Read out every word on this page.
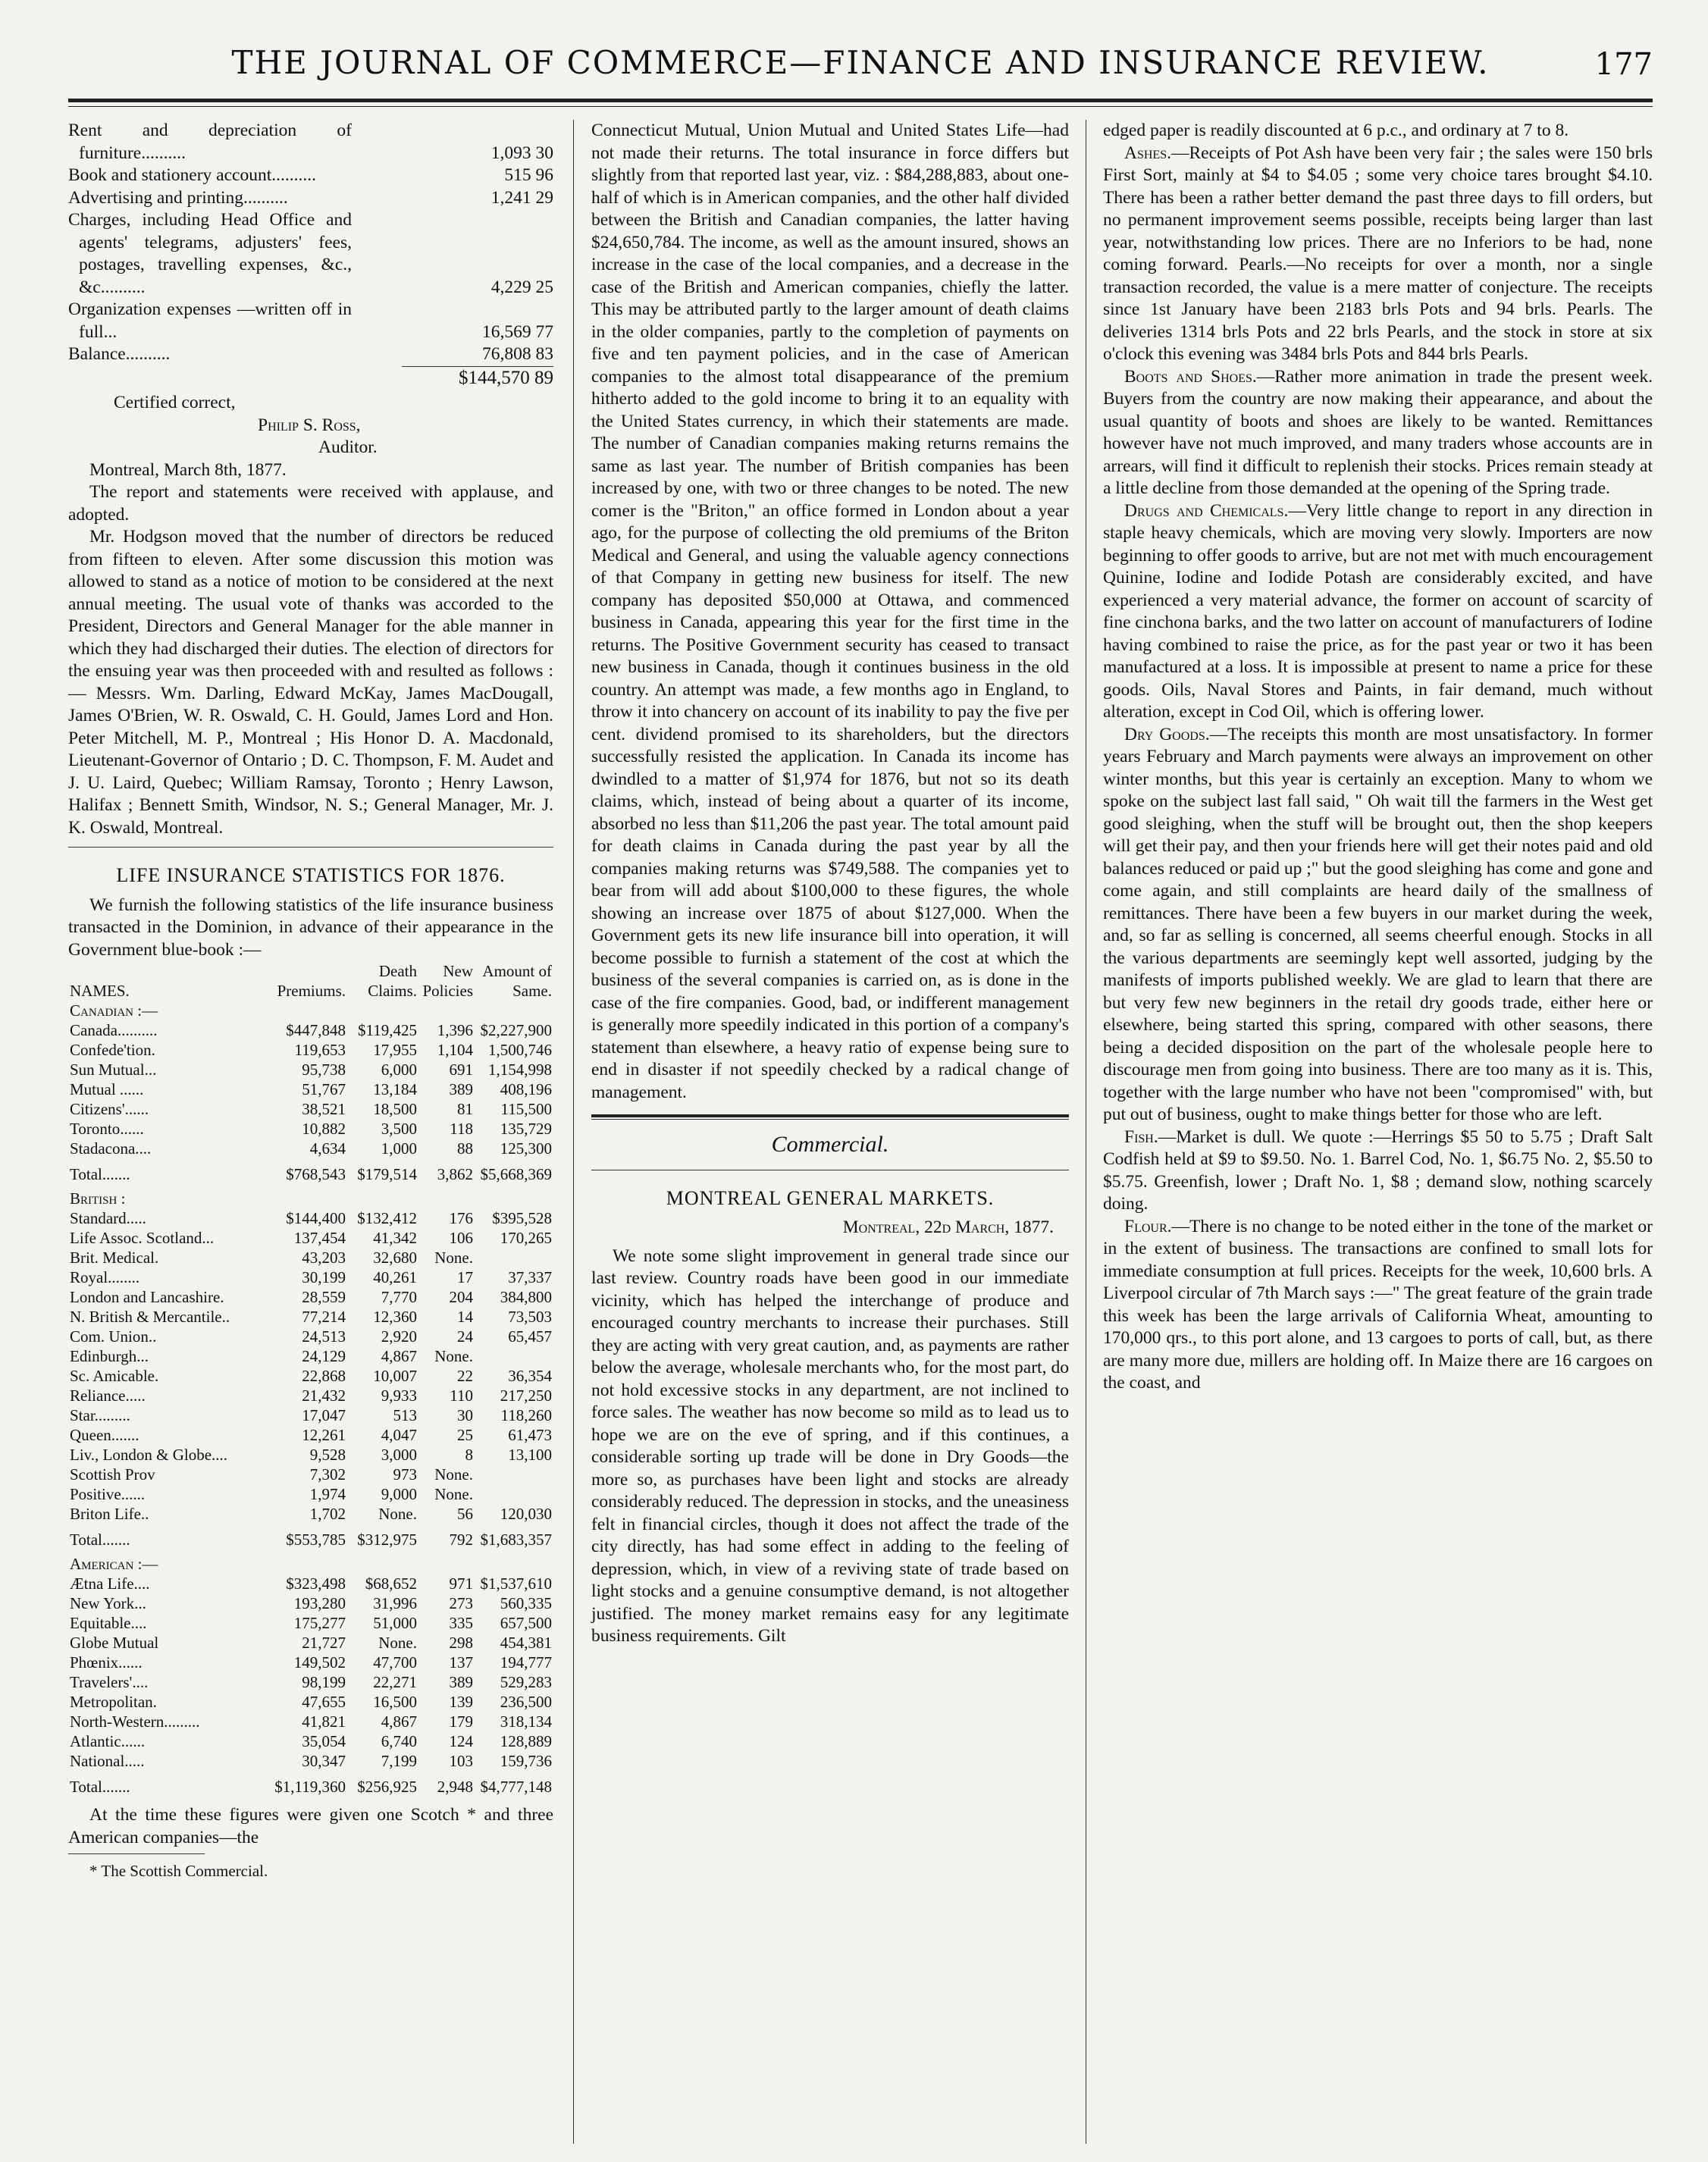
THE JOURNAL OF COMMERCE—FINANCE AND INSURANCE REVIEW.	177
Rent and depreciation of furniture..........	1,093 30
Book and stationery account..........	515 96
Advertising and printing..........	1,241 29
Charges, including Head Office and agents' telegrams, adjusters' fees, postages, travelling expenses, &c., &c..........	4,229 25
Organization expenses —written off in full...	16,569 77
Balance..........	76,808 83
$144,570 89

Certified correct,

Philip S. Ross,

Auditor.

Montreal, March 8th, 1877.

The report and statements were received with applause, and adopted.

Mr. Hodgson moved that the number of directors be reduced from fifteen to eleven. After some discussion this motion was allowed to stand as a notice of motion to be considered at the next annual meeting. The usual vote of thanks was accorded to the President, Directors and General Manager for the able manner in which they had discharged their duties. The election of directors for the ensuing year was then proceeded with and resulted as follows :— Messrs. Wm. Darling, Edward McKay, James MacDougall, James O'Brien, W. R. Oswald, C. H. Gould, James Lord and Hon. Peter Mitchell, M. P., Montreal ; His Honor D. A. Macdonald, Lieutenant-Governor of Ontario ; D. C. Thompson, F. M. Audet and J. U. Laird, Quebec; William Ramsay, Toronto ; Henry Lawson, Halifax ; Bennett Smith, Windsor, N. S.; General Manager, Mr. J. K. Oswald, Montreal.

LIFE INSURANCE STATISTICS FOR 1876.

We furnish the following statistics of the life insurance business transacted in the Dominion, in advance of their appearance in the Government blue-book :—

NAMES.	Premiums.	Death Claims.	New Policies	Amount of Same.
Canadian :—				
Canada..........	$447,848	$119,425	1,396	$2,227,900
Confede'tion.	119,653	17,955	1,104	1,500,746
Sun Mutual...	95,738	6,000	691	1,154,998
Mutual ......	51,767	13,184	389	408,196
Citizens'......	38,521	18,500	81	115,500
Toronto......	10,882	3,500	118	135,729
Stadacona....	4,634	1,000	88	125,300
Total.......	$768,543	$179,514	3,862	$5,668,369
British :				
Standard.....	$144,400	$132,412	176	$395,528
Life Assoc. Scotland...	137,454	41,342	106	170,265
Brit. Medical.	43,203	32,680	None.	
Royal........	30,199	40,261	17	37,337
London and Lancashire.	28,559	7,770	204	384,800
N. British & Mercantile..	77,214	12,360	14	73,503
Com. Union..	24,513	2,920	24	65,457
Edinburgh...	24,129	4,867	None.	
Sc. Amicable.	22,868	10,007	22	36,354
Reliance.....	21,432	9,933	110	217,250
Star.........	17,047	513	30	118,260
Queen.......	12,261	4,047	25	61,473
Liv., London & Globe....	9,528	3,000	8	13,100
Scottish Prov	7,302	973	None.	
Positive......	1,974	9,000	None.	
Briton Life..	1,702	None.	56	120,030
Total.......	$553,785	$312,975	792	$1,683,357
American :—				
Ætna Life....	$323,498	$68,652	971	$1,537,610
New York...	193,280	31,996	273	560,335
Equitable....	175,277	51,000	335	657,500
Globe Mutual	21,727	None.	298	454,381
Phœnix......	149,502	47,700	137	194,777
Travelers'....	98,199	22,271	389	529,283
Metropolitan.	47,655	16,500	139	236,500
North-Western.........	41,821	4,867	179	318,134
Atlantic......	35,054	6,740	124	128,889
National.....	30,347	7,199	103	159,736
Total.......	$1,119,360	$256,925	2,948	$4,777,148

At the time these figures were given one Scotch * and three American companies—the

* The Scottish Commercial.

Connecticut Mutual, Union Mutual and United States Life—had not made their returns. The total insurance in force differs but slightly from that reported last year, viz. : $84,288,883, about one-half of which is in American companies, and the other half divided between the British and Canadian companies, the latter having $24,650,784. The income, as well as the amount insured, shows an increase in the case of the local companies, and a decrease in the case of the British and American companies, chiefly the latter. This may be attributed partly to the larger amount of death claims in the older companies, partly to the completion of payments on five and ten payment policies, and in the case of American companies to the almost total disappearance of the premium hitherto added to the gold income to bring it to an equality with the United States currency, in which their statements are made. The number of Canadian companies making returns remains the same as last year. The number of British companies has been increased by one, with two or three changes to be noted. The new comer is the "Briton," an office formed in London about a year ago, for the purpose of collecting the old premiums of the Briton Medical and General, and using the valuable agency connections of that Company in getting new business for itself. The new company has deposited $50,000 at Ottawa, and commenced business in Canada, appearing this year for the first time in the returns. The Positive Government security has ceased to transact new business in Canada, though it continues business in the old country. An attempt was made, a few months ago in England, to throw it into chancery on account of its inability to pay the five per cent. dividend promised to its shareholders, but the directors successfully resisted the application. In Canada its income has dwindled to a matter of $1,974 for 1876, but not so its death claims, which, instead of being about a quarter of its income, absorbed no less than $11,206 the past year. The total amount paid for death claims in Canada during the past year by all the companies making returns was $749,588. The companies yet to bear from will add about $100,000 to these figures, the whole showing an increase over 1875 of about $127,000. When the Government gets its new life insurance bill into operation, it will become possible to furnish a statement of the cost at which the business of the several companies is carried on, as is done in the case of the fire companies. Good, bad, or indifferent management is generally more speedily indicated in this portion of a company's statement than elsewhere, a heavy ratio of expense being sure to end in disaster if not speedily checked by a radical change of management.

Commercial.
MONTREAL GENERAL MARKETS.

Montreal, 22d March, 1877.

We note some slight improvement in general trade since our last review. Country roads have been good in our immediate vicinity, which has helped the interchange of produce and encouraged country merchants to increase their purchases. Still they are acting with very great caution, and, as payments are rather below the average, wholesale merchants who, for the most part, do not hold excessive stocks in any department, are not inclined to force sales. The weather has now become so mild as to lead us to hope we are on the eve of spring, and if this continues, a considerable sorting up trade will be done in Dry Goods—the more so, as purchases have been light and stocks are already considerably reduced. The depression in stocks, and the uneasiness felt in financial circles, though it does not affect the trade of the city directly, has had some effect in adding to the feeling of depression, which, in view of a reviving state of trade based on light stocks and a genuine consumptive demand, is not altogether justified. The money market remains easy for any legitimate business requirements. Gilt

edged paper is readily discounted at 6 p.c., and ordinary at 7 to 8.

Ashes.—Receipts of Pot Ash have been very fair ; the sales were 150 brls First Sort, mainly at $4 to $4.05 ; some very choice tares brought $4.10. There has been a rather better demand the past three days to fill orders, but no permanent improvement seems possible, receipts being larger than last year, notwithstanding low prices. There are no Inferiors to be had, none coming forward. Pearls.—No receipts for over a month, nor a single transaction recorded, the value is a mere matter of conjecture. The receipts since 1st January have been 2183 brls Pots and 94 brls. Pearls. The deliveries 1314 brls Pots and 22 brls Pearls, and the stock in store at six o'clock this evening was 3484 brls Pots and 844 brls Pearls.

Boots and Shoes.—Rather more animation in trade the present week. Buyers from the country are now making their appearance, and about the usual quantity of boots and shoes are likely to be wanted. Remittances however have not much improved, and many traders whose accounts are in arrears, will find it difficult to replenish their stocks. Prices remain steady at a little decline from those demanded at the opening of the Spring trade.

Drugs and Chemicals.—Very little change to report in any direction in staple heavy chemicals, which are moving very slowly. Importers are now beginning to offer goods to arrive, but are not met with much encouragement Quinine, Iodine and Iodide Potash are considerably excited, and have experienced a very material advance, the former on account of scarcity of fine cinchona barks, and the two latter on account of manufacturers of Iodine having combined to raise the price, as for the past year or two it has been manufactured at a loss. It is impossible at present to name a price for these goods. Oils, Naval Stores and Paints, in fair demand, much without alteration, except in Cod Oil, which is offering lower.

Dry Goods.—The receipts this month are most unsatisfactory. In former years February and March payments were always an improvement on other winter months, but this year is certainly an exception. Many to whom we spoke on the subject last fall said, " Oh wait till the farmers in the West get good sleighing, when the stuff will be brought out, then the shop keepers will get their pay, and then your friends here will get their notes paid and old balances reduced or paid up ;" but the good sleighing has come and gone and come again, and still complaints are heard daily of the smallness of remittances. There have been a few buyers in our market during the week, and, so far as selling is concerned, all seems cheerful enough. Stocks in all the various departments are seemingly kept well assorted, judging by the manifests of imports published weekly. We are glad to learn that there are but very few new beginners in the retail dry goods trade, either here or elsewhere, being started this spring, compared with other seasons, there being a decided disposition on the part of the wholesale people here to discourage men from going into business. There are too many as it is. This, together with the large number who have not been "compromised" with, but put out of business, ought to make things better for those who are left.

Fish.—Market is dull. We quote :—Herrings $5 50 to 5.75 ; Draft Salt Codfish held at $9 to $9.50. No. 1. Barrel Cod, No. 1, $6.75 No. 2, $5.50 to $5.75. Greenfish, lower ; Draft No. 1, $8 ; demand slow, nothing scarcely doing.

Flour.—There is no change to be noted either in the tone of the market or in the extent of business. The transactions are confined to small lots for immediate consumption at full prices. Receipts for the week, 10,600 brls. A Liverpool circular of 7th March says :—" The great feature of the grain trade this week has been the large arrivals of California Wheat, amounting to 170,000 qrs., to this port alone, and 13 cargoes to ports of call, but, as there are many more due, millers are holding off. In Maize there are 16 cargoes on the coast, and
